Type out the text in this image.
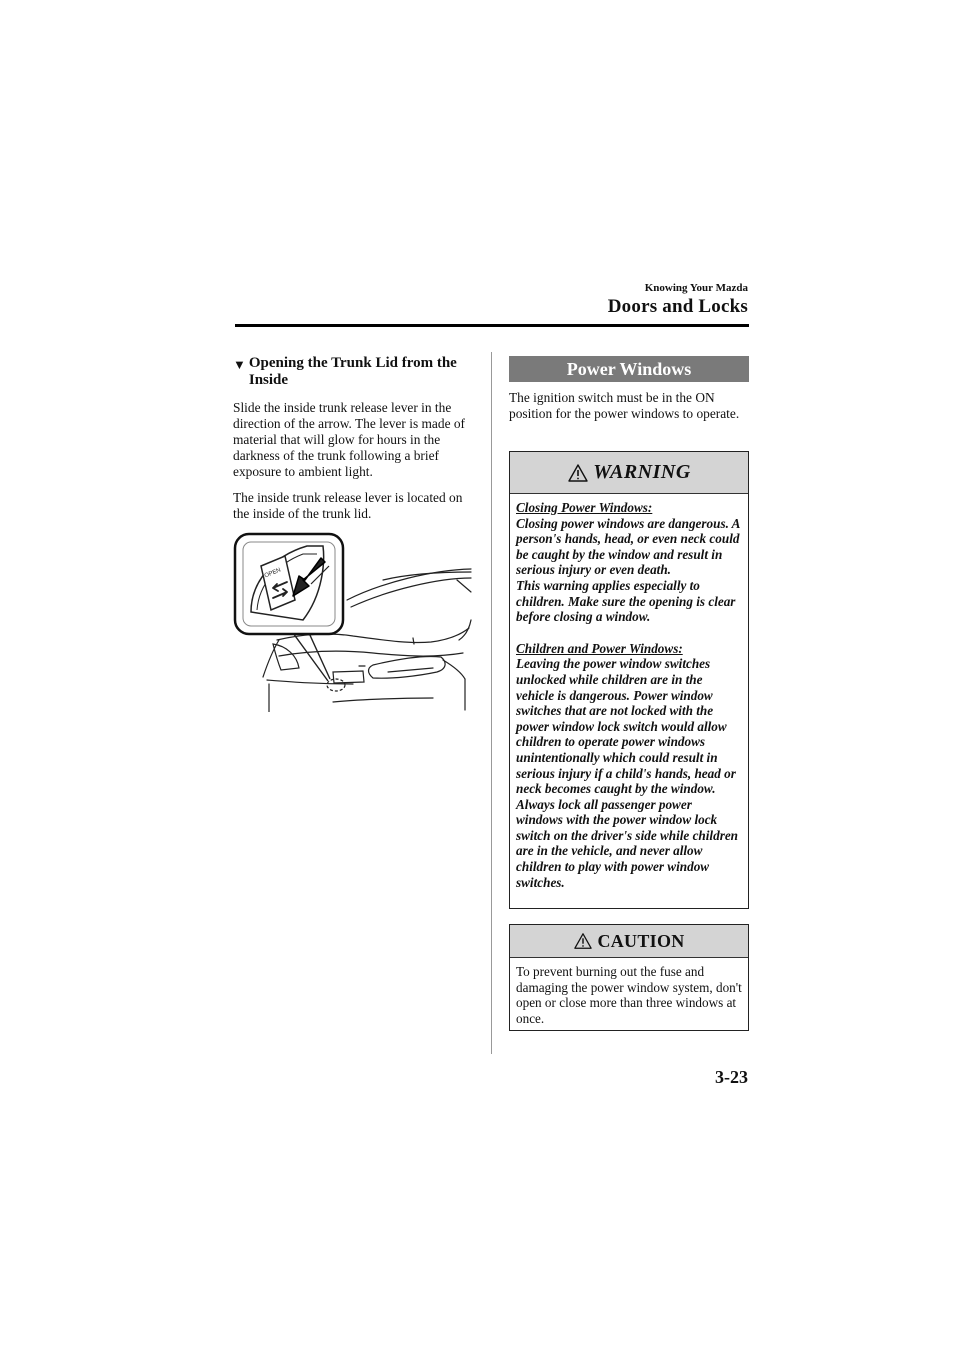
Knowing Your Mazda
Doors and Locks
▼ Opening the Trunk Lid from the Inside

Slide the inside trunk release lever in the direction of the arrow. The lever is made of material that will glow for hours in the darkness of the trunk following a brief exposure to ambient light.

The inside trunk release lever is located on the inside of the trunk lid.

OPEN
Power Windows

The ignition switch must be in the ON position for the power windows to operate.

WARNING
Closing Power Windows:
Closing power windows are dangerous. A person's hands, head, or even neck could be caught by the window and result in serious injury or even death.
This warning applies especially to children. Make sure the opening is clear before closing a window.
Children and Power Windows:
Leaving the power window switches unlocked while children are in the vehicle is dangerous. Power window switches that are not locked with the power window lock switch would allow children to operate power windows unintentionally which could result in serious injury if a child's hands, head or neck becomes caught by the window. Always lock all passenger power windows with the power window lock switch on the driver's side while children are in the vehicle, and never allow children to play with power window switches.
CAUTION
To prevent burning out the fuse and damaging the power window system, don't open or close more than three windows at once.
3-23
